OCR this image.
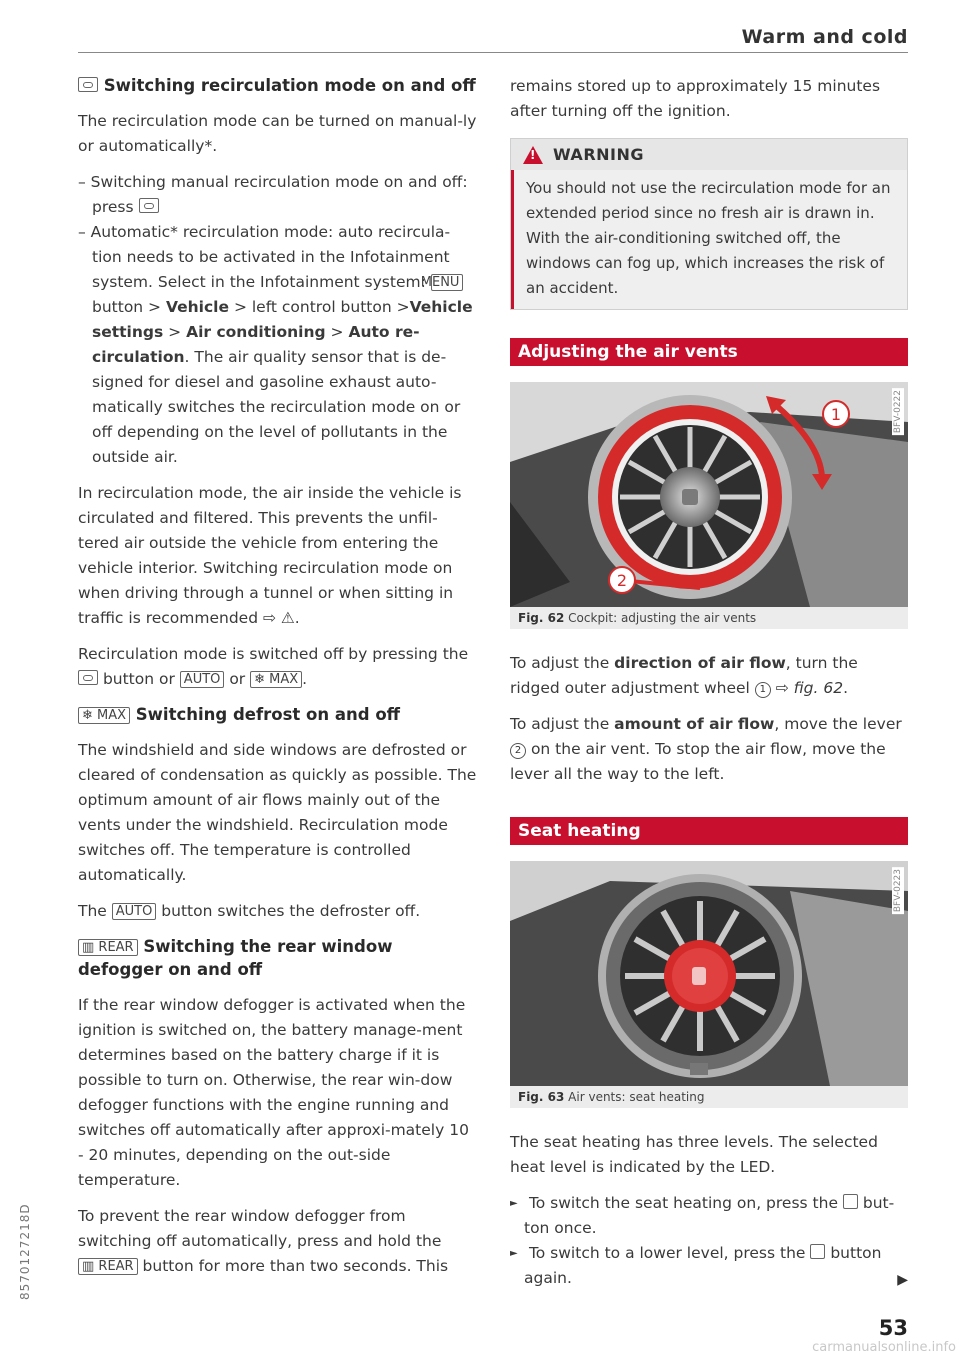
Warm and cold
8570127218D
Switching recirculation mode on and off

The recirculation mode can be turned on manual-ly or automatically*.

– Switching manual recirculation mode on and off: press
– Automatic* recirculation mode: auto recircula-tion needs to be activated in the Infotainment system. Select in the Infotainment system: MENU button > Vehicle > left control button >Vehicle settings > Air conditioning > Auto re-circulation. The air quality sensor that is de-signed for diesel and gasoline exhaust auto-matically switches the recirculation mode on or off depending on the level of pollutants in the outside air.

In recirculation mode, the air inside the vehicle is circulated and filtered. This prevents the unfil-tered air outside the vehicle from entering the vehicle interior. Switching recirculation mode on when driving through a tunnel or when sitting in traffic is recommended ⇨ ⚠.

Recirculation mode is switched off by pressing the  button or AUTO or ❄ MAX .

❄ MAX Switching defrost on and off

The windshield and side windows are defrosted or cleared of condensation as quickly as possible. The optimum amount of air flows mainly out of the vents under the windshield. Recirculation mode switches off. The temperature is controlled automatically.

The AUTO button switches the defroster off.

▥ REAR Switching the rear window defogger on and off

If the rear window defogger is activated when the ignition is switched on, the battery manage-ment determines based on the battery charge if it is possible to turn on. Otherwise, the rear win-dow defogger functions with the engine running and switches off automatically after approxi-mately 10 - 20 minutes, depending on the out-side temperature.

To prevent the rear window defogger from switching off automatically, press and hold the ▥ REAR button for more than two seconds. This

remains stored up to approximately 15 minutes after turning off the ignition.

!
WARNING
You should not use the recirculation mode for an extended period since no fresh air is drawn in. With the air-conditioning switched off, the windows can fog up, which increases the risk of an accident.
Adjusting the air vents
1
2
BFV-0222
Fig. 62 Cockpit: adjusting the air vents

To adjust the direction of air flow, turn the ridged outer adjustment wheel 1 ⇨ fig. 62.

To adjust the amount of air flow, move the lever 2 on the air vent. To stop the air flow, move the lever all the way to the left.

Seat heating
BFV-0223
Fig. 63 Air vents: seat heating

The seat heating has three levels. The selected heat level is indicated by the LED.

► To switch the seat heating on, press the but-ton once.
► To switch to a lower level, press the button again.	▶
53
carmanualsonline.info
